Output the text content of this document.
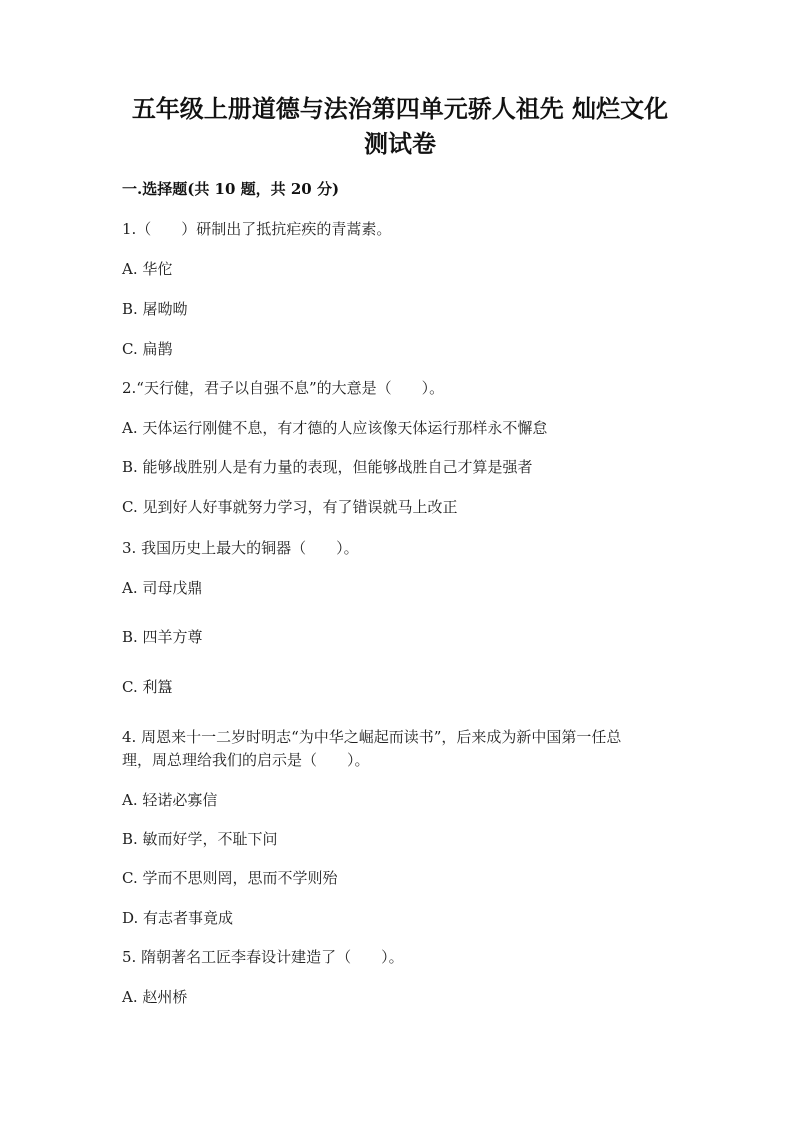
五年级上册道德与法治第四单元骄人祖先 灿烂文化
测试卷

一.选择题(共 10 题，共 20 分)

1.（　　）研制出了抵抗疟疾的青蒿素。

A. 华佗

B. 屠呦呦

C. 扁鹊

2.“天行健，君子以自强不息”的大意是（　　）。

A. 天体运行刚健不息，有才德的人应该像天体运行那样永不懈怠

B. 能够战胜别人是有力量的表现，但能够战胜自己才算是强者

C. 见到好人好事就努力学习，有了错误就马上改正

3. 我国历史上最大的铜器（　　）。

A. 司母戊鼎

B. 四羊方尊

C. 利簋

4. 周恩来十一二岁时明志“为中华之崛起而读书”，后来成为新中国第一任总

理，周总理给我们的启示是（　　）。

A. 轻诺必寡信

B. 敏而好学，不耻下问

C. 学而不思则罔，思而不学则殆

D. 有志者事竟成

5. 隋朝著名工匠李春设计建造了（　　）。

A. 赵州桥
